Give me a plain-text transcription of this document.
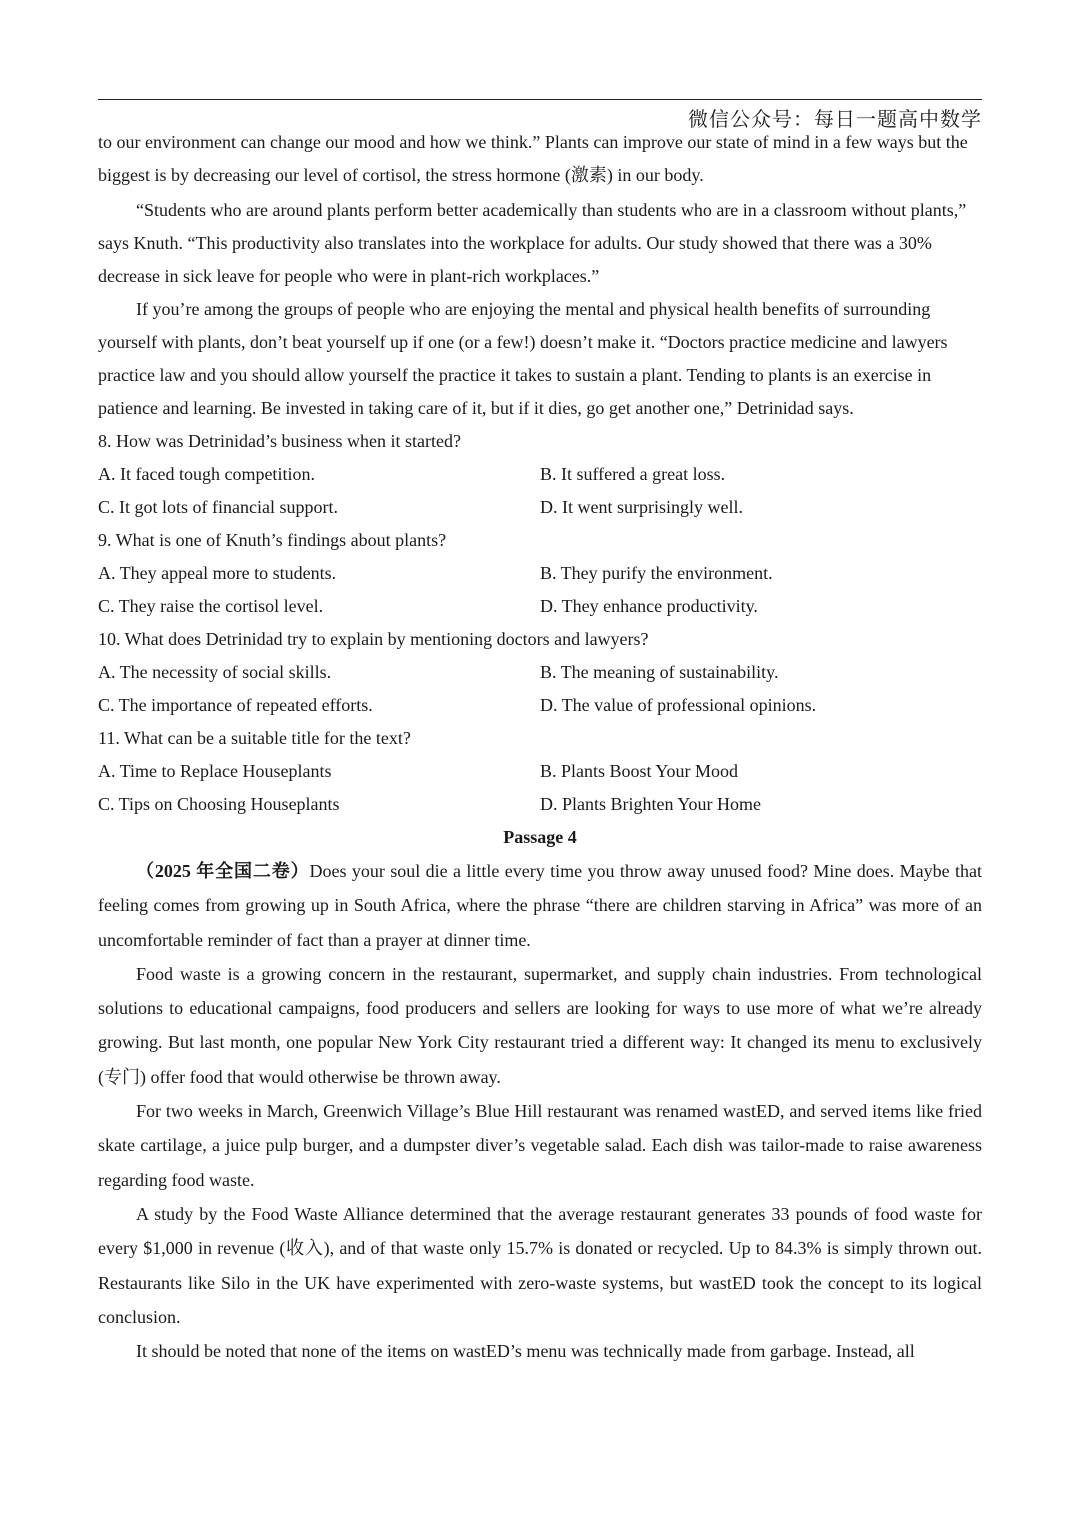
微信公众号：每日一题高中数学

to our environment can change our mood and how we think.” Plants can improve our state of mind in a few ways but the biggest is by decreasing our level of cortisol, the stress hormone (激素) in our body.

“Students who are around plants perform better academically than students who are in a classroom without plants,” says Knuth. “This productivity also translates into the workplace for adults. Our study showed that there was a 30% decrease in sick leave for people who were in plant-rich workplaces.”

If you’re among the groups of people who are enjoying the mental and physical health benefits of surrounding yourself with plants, don’t beat yourself up if one (or a few!) doesn’t make it. “Doctors practice medicine and lawyers practice law and you should allow yourself the practice it takes to sustain a plant. Tending to plants is an exercise in patience and learning. Be invested in taking care of it, but if it dies, go get another one,” Detrinidad says.

8. How was Detrinidad’s business when it started?

A. It faced tough competition.	B. It suffered a great loss.
C. It got lots of financial support.	D. It went surprisingly well.

9. What is one of Knuth’s findings about plants?

A. They appeal more to students.	B. They purify the environment.
C. They raise the cortisol level.	D. They enhance productivity.

10. What does Detrinidad try to explain by mentioning doctors and lawyers?

A. The necessity of social skills.	B. The meaning of sustainability.
C. The importance of repeated efforts.	D. The value of professional opinions.

11. What can be a suitable title for the text?

A. Time to Replace Houseplants	B. Plants Boost Your Mood
C. Tips on Choosing Houseplants	D. Plants Brighten Your Home

Passage 4

（2025 年全国二卷）Does your soul die a little every time you throw away unused food? Mine does. Maybe that feeling comes from growing up in South Africa, where the phrase “there are children starving in Africa” was more of an uncomfortable reminder of fact than a prayer at dinner time.

Food waste is a growing concern in the restaurant, supermarket, and supply chain industries. From technological solutions to educational campaigns, food producers and sellers are looking for ways to use more of what we’re already growing. But last month, one popular New York City restaurant tried a different way: It changed its menu to exclusively (专门) offer food that would otherwise be thrown away.

For two weeks in March, Greenwich Village’s Blue Hill restaurant was renamed wastED, and served items like fried skate cartilage, a juice pulp burger, and a dumpster diver’s vegetable salad. Each dish was tailor-made to raise awareness regarding food waste.

A study by the Food Waste Alliance determined that the average restaurant generates 33 pounds of food waste for every $1,000 in revenue (收入), and of that waste only 15.7% is donated or recycled. Up to 84.3% is simply thrown out. Restaurants like Silo in the UK have experimented with zero-waste systems, but wastED took the concept to its logical conclusion.

It should be noted that none of the items on wastED’s menu was technically made from garbage. Instead, all
